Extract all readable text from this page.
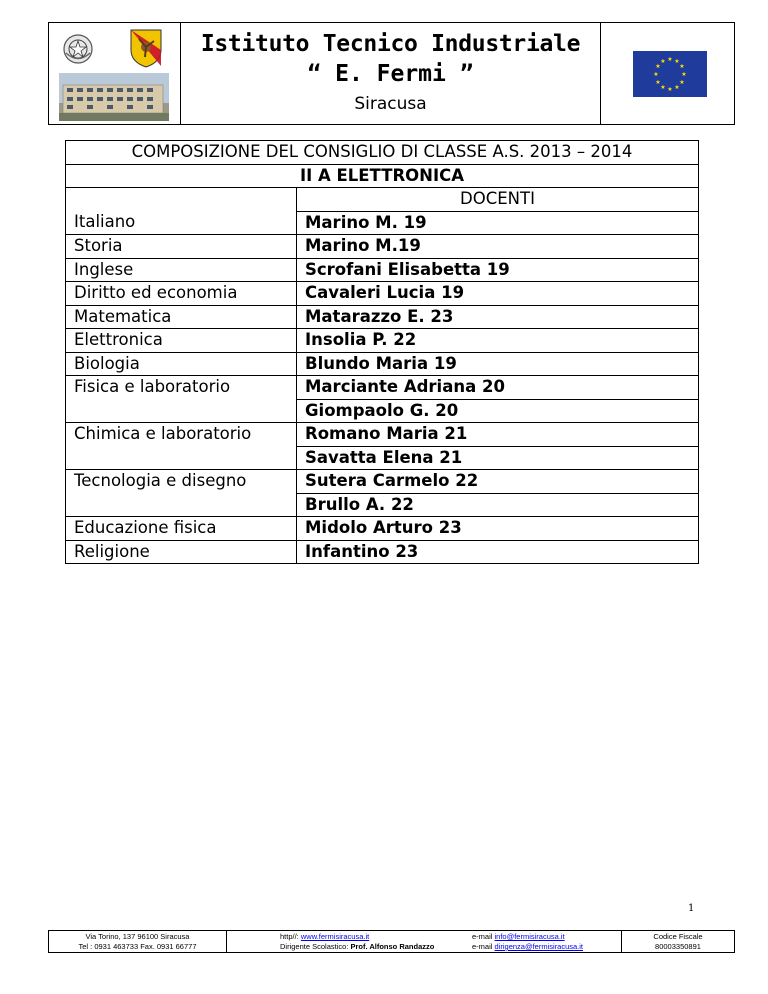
Istituto Tecnico Industriale
“ E. Fermi ”
Siracusa
★ ★
★
★
★
★
★
★
★
★
★
★
COMPOSIZIONE DEL CONSIGLIO DI CLASSE A.S. 2013 – 2014	
II A ELETTRONICA	
	DOCENTI
Italiano	Marino M. 19
Storia	Marino M.19
Inglese	Scrofani Elisabetta 19
Diritto ed economia	Cavaleri Lucia 19
Matematica	Matarazzo E. 23
Elettronica	Insolia P. 22
Biologia	Blundo Maria 19
Fisica e laboratorio	Marciante Adriana 20
	Giompaolo G. 20
Chimica e laboratorio	Romano Maria 21
	Savatta Elena 21
Tecnologia e disegno	Sutera Carmelo 22
	Brullo A. 22
Educazione fisica	Midolo Arturo 23
Religione	Infantino 23
1
Via Torino, 137 96100 Siracusa
Tel : 0931 463733 Fax. 0931 66777
http//: www.fermisiracusa.it	e-mail info@fermisiracusa.it
Dirigente Scolastico: Prof. Alfonso Randazzo	e-mail dirigenza@fermisiracusa.it
Codice Fiscale
80003350891
